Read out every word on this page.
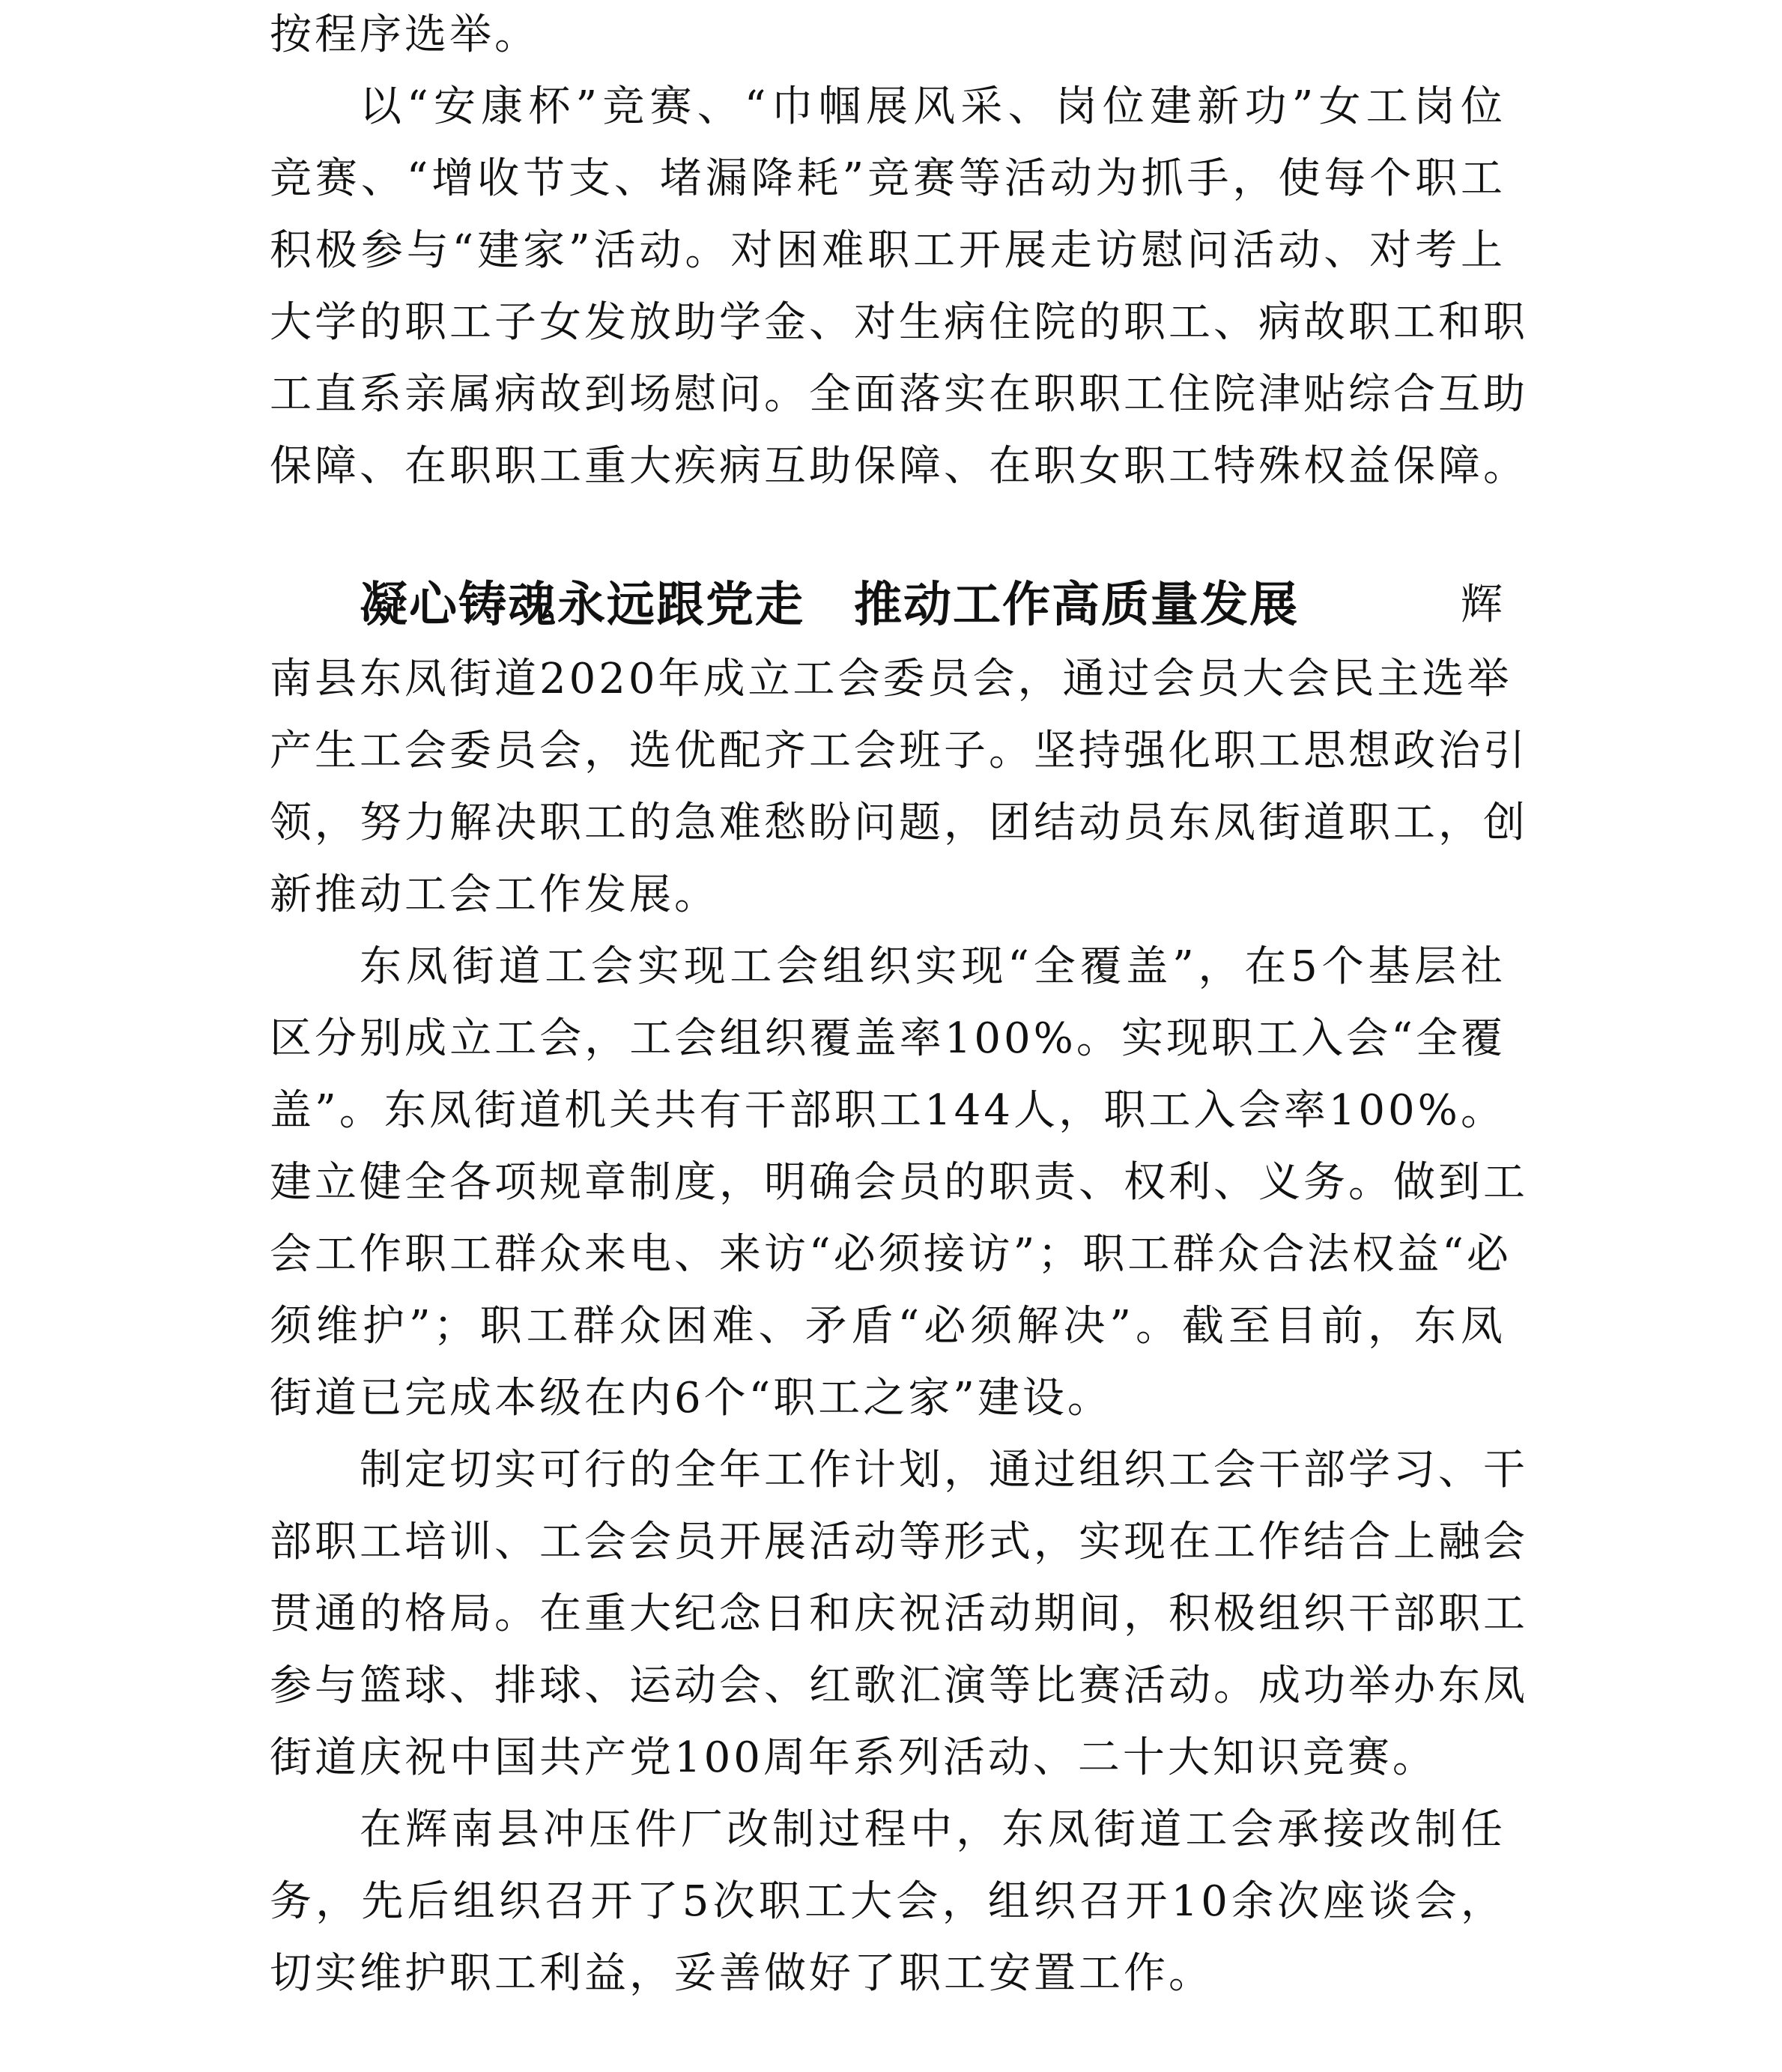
按程序选举。
以“安康杯”竞赛、“巾帼展风采、岗位建新功”女工岗位
竞赛、“增收节支、堵漏降耗”竞赛等活动为抓手，使每个职工
积极参与“建家”活动。对困难职工开展走访慰问活动、对考上
大学的职工子女发放助学金、对生病住院的职工、病故职工和职
工直系亲属病故到场慰问。全面落实在职职工住院津贴综合互助
保障、在职职工重大疾病互助保障、在职女职工特殊权益保障。
凝心铸魂永远跟党走　推动工作高质量发展	辉
南县东凤街道2020年成立工会委员会，通过会员大会民主选举
产生工会委员会，选优配齐工会班子。坚持强化职工思想政治引
领，努力解决职工的急难愁盼问题，团结动员东凤街道职工，创
新推动工会工作发展。
东凤街道工会实现工会组织实现“全覆盖”，在5个基层社
区分别成立工会，工会组织覆盖率100%。实现职工入会“全覆
盖”。东凤街道机关共有干部职工144人，职工入会率100%。
建立健全各项规章制度，明确会员的职责、权利、义务。做到工
会工作职工群众来电、来访“必须接访”；职工群众合法权益“必
须维护”；职工群众困难、矛盾“必须解决”。截至目前，东凤
街道已完成本级在内6个“职工之家”建设。
制定切实可行的全年工作计划，通过组织工会干部学习、干
部职工培训、工会会员开展活动等形式，实现在工作结合上融会
贯通的格局。在重大纪念日和庆祝活动期间，积极组织干部职工
参与篮球、排球、运动会、红歌汇演等比赛活动。成功举办东凤
街道庆祝中国共产党100周年系列活动、二十大知识竞赛。
在辉南县冲压件厂改制过程中，东凤街道工会承接改制任
务，先后组织召开了5次职工大会，组织召开10余次座谈会，
切实维护职工利益，妥善做好了职工安置工作。
